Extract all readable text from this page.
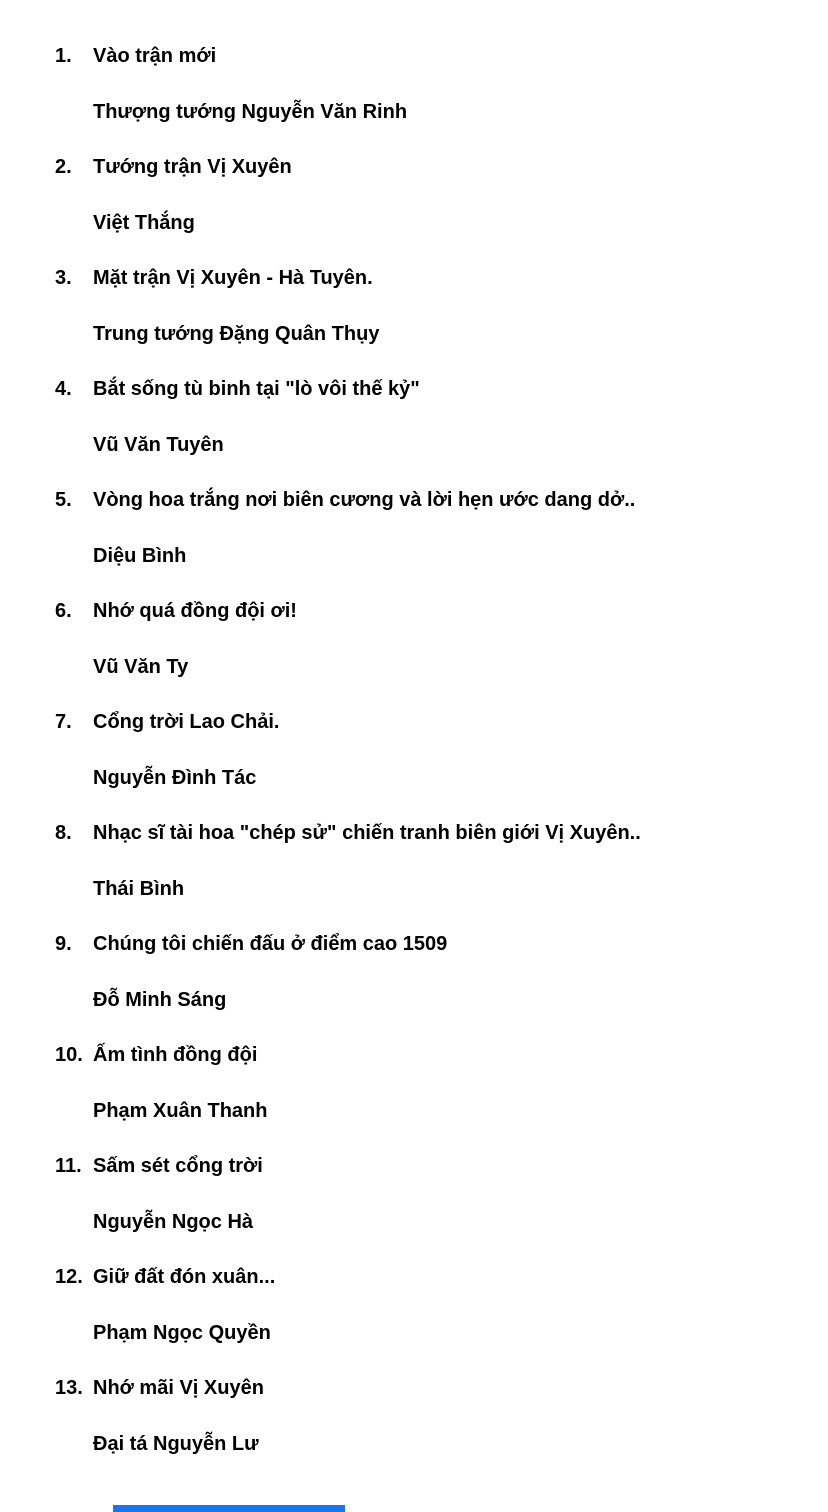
1.	Vào trận mới
Thượng tướng Nguyễn Văn Rinh
2.	Tướng trận Vị Xuyên
Việt Thắng
3.	Mặt trận Vị Xuyên - Hà Tuyên.
Trung tướng Đặng Quân Thụy
4.	Bắt sống tù binh tại "lò vôi thế kỷ"
Vũ Văn Tuyên
5.	Vòng hoa trắng nơi biên cương và lời hẹn ước dang dở..
Diệu Bình
6.	Nhớ quá đồng đội ơi!
Vũ Văn Ty
7.	Cổng trời Lao Chải.
Nguyễn Đình Tác
8.	Nhạc sĩ tài hoa "chép sử" chiến tranh biên giới Vị Xuyên..
Thái Bình
9.	Chúng tôi chiến đấu ở điểm cao 1509
Đỗ Minh Sáng
10. Ấm tình đồng đội
Phạm Xuân Thanh
11. Sấm sét cổng trời
Nguyễn Ngọc Hà
12. Giữ đất đón xuân...
Phạm Ngọc Quyền
13. Nhớ mãi Vị Xuyên
Đại tá Nguyễn Lư
